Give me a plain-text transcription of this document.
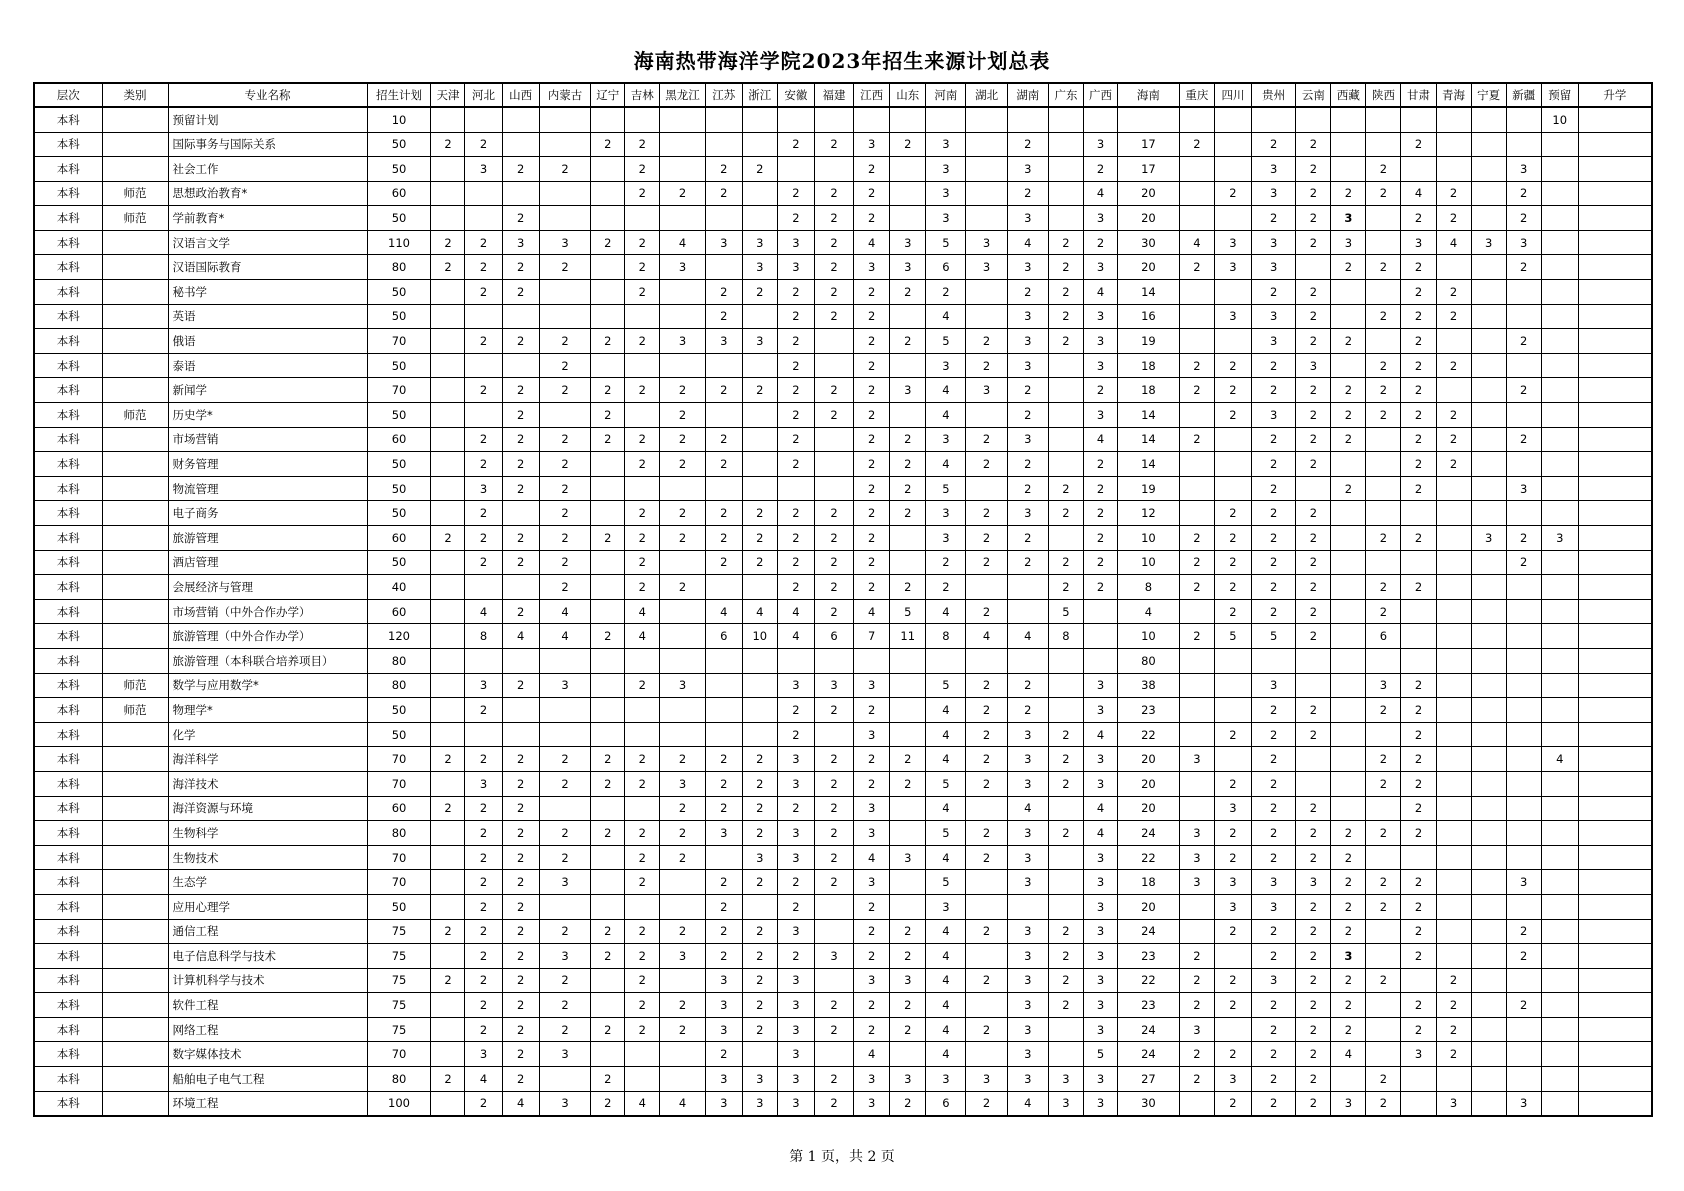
海南热带海洋学院2023年招生来源计划总表
层次	类别	专业名称	招生计划	天津	河北	山西	内蒙古	辽宁	吉林	黑龙江	江苏	浙江	安徽	福建	江西	山东	河南	湖北	湖南	广东	广西	海南	重庆	四川	贵州	云南	西藏	陕西	甘肃	青海	宁夏	新疆	预留	升学
本科		预留计划	10																														10	
本科		国际事务与国际关系	50	2	2			2	2				2	2	3	2	3		2		3	17	2		2	2			2					
本科		社会工作	50		3	2	2		2		2	2			2		3		3		2	17			3	2		2				3		
本科	师范	思想政治教育*	60						2	2	2		2	2	2		3		2		4	20		2	3	2	2	2	4	2		2		
本科	师范	学前教育*	50			2							2	2	2		3		3		3	20			2	2	3		2	2		2		
本科		汉语言文学	110	2	2	3	3	2	2	4	3	3	3	2	4	3	5	3	4	2	2	30	4	3	3	2	3		3	4	3	3		
本科		汉语国际教育	80	2	2	2	2		2	3		3	3	2	3	3	6	3	3	2	3	20	2	3	3		2	2	2			2		
本科		秘书学	50		2	2			2		2	2	2	2	2	2	2		2	2	4	14			2	2			2	2				
本科		英语	50								2		2	2	2		4		3	2	3	16		3	3	2		2	2	2				
本科		俄语	70		2	2	2	2	2	3	3	3	2		2	2	5	2	3	2	3	19			3	2	2		2			2		
本科		泰语	50				2						2		2		3	2	3		3	18	2	2	2	3		2	2	2				
本科		新闻学	70		2	2	2	2	2	2	2	2	2	2	2	3	4	3	2		2	18	2	2	2	2	2	2	2			2		
本科	师范	历史学*	50			2		2		2			2	2	2		4		2		3	14		2	3	2	2	2	2	2				
本科		市场营销	60		2	2	2	2	2	2	2		2		2	2	3	2	3		4	14	2		2	2	2		2	2		2		
本科		财务管理	50		2	2	2		2	2	2		2		2	2	4	2	2		2	14			2	2			2	2				
本科		物流管理	50		3	2	2								2	2	5		2	2	2	19			2		2		2			3		
本科		电子商务	50		2		2		2	2	2	2	2	2	2	2	3	2	3	2	2	12		2	2	2								
本科		旅游管理	60	2	2	2	2	2	2	2	2	2	2	2	2		3	2	2		2	10	2	2	2	2		2	2		3	2	3	
本科		酒店管理	50		2	2	2		2		2	2	2	2	2		2	2	2	2	2	10	2	2	2	2						2		
本科		会展经济与管理	40				2		2	2			2	2	2	2	2			2	2	8	2	2	2	2		2	2					
本科		市场营销（中外合作办学）	60		4	2	4		4		4	4	4	2	4	5	4	2		5		4		2	2	2		2						
本科		旅游管理（中外合作办学）	120		8	4	4	2	4		6	10	4	6	7	11	8	4	4	8		10	2	5	5	2		6						
本科		旅游管理（本科联合培养项目）	80																			80												
本科	师范	数学与应用数学*	80		3	2	3		2	3			3	3	3		5	2	2		3	38			3			3	2					
本科	师范	物理学*	50		2								2	2	2		4	2	2		3	23			2	2		2	2					
本科		化学	50										2		3		4	2	3	2	4	22		2	2	2			2					
本科		海洋科学	70	2	2	2	2	2	2	2	2	2	3	2	2	2	4	2	3	2	3	20	3		2			2	2				4	
本科		海洋技术	70		3	2	2	2	2	3	2	2	3	2	2	2	5	2	3	2	3	20		2	2			2	2					
本科		海洋资源与环境	60	2	2	2				2	2	2	2	2	3		4		4		4	20		3	2	2			2					
本科		生物科学	80		2	2	2	2	2	2	3	2	3	2	3		5	2	3	2	4	24	3	2	2	2	2	2	2					
本科		生物技术	70		2	2	2		2	2		3	3	2	4	3	4	2	3		3	22	3	2	2	2	2							
本科		生态学	70		2	2	3		2		2	2	2	2	3		5		3		3	18	3	3	3	3	2	2	2			3		
本科		应用心理学	50		2	2					2		2		2		3				3	20		3	3	2	2	2	2					
本科		通信工程	75	2	2	2	2	2	2	2	2	2	3		2	2	4	2	3	2	3	24		2	2	2	2		2			2		
本科		电子信息科学与技术	75		2	2	3	2	2	3	2	2	2	3	2	2	4		3	2	3	23	2		2	2	3		2			2		
本科		计算机科学与技术	75	2	2	2	2		2		3	2	3		3	3	4	2	3	2	3	22	2	2	3	2	2	2		2				
本科		软件工程	75		2	2	2		2	2	3	2	3	2	2	2	4		3	2	3	23	2	2	2	2	2		2	2		2		
本科		网络工程	75		2	2	2	2	2	2	3	2	3	2	2	2	4	2	3		3	24	3		2	2	2		2	2				
本科		数字媒体技术	70		3	2	3				2		3		4		4		3		5	24	2	2	2	2	4		3	2				
本科		船舶电子电气工程	80	2	4	2		2			3	3	3	2	3	3	3	3	3	3	3	27	2	3	2	2		2						
本科		环境工程	100		2	4	3	2	4	4	3	3	3	2	3	2	6	2	4	3	3	30		2	2	2	3	2		3		3		
第 1 页，共 2 页
